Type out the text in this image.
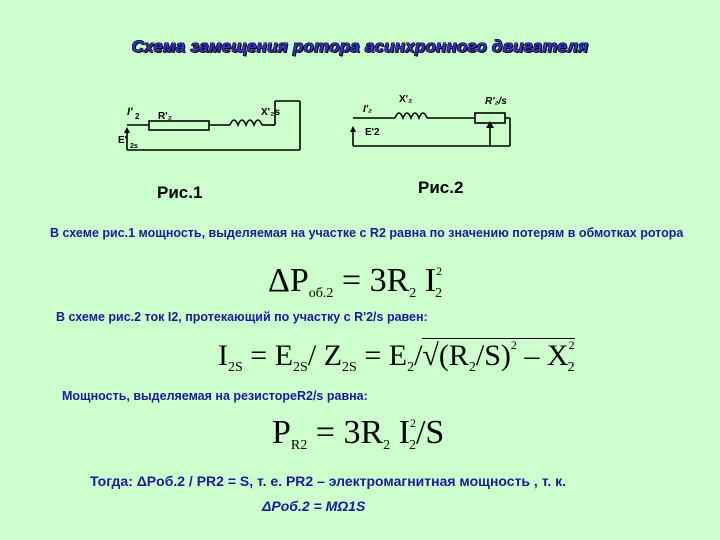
Схема замещения ротора асинхронного двигателя
I' 2 R'₂	X'₂s
E'
2s
I'₂
X'₂	R'₂/s
E'2
Рис.1	Рис.2
В схеме рис.1 мощность, выделяемая на участке с R2 равна по значению потерям в обмотках ротора
$\Delta P_{об.2} = 3R_2$ $I^2_2$
В схеме рис.2 ток I2, протекающий по участку с R'2/s равен:
$I_{2S} = E_{2S}/$ $Z_{2S} = E_2/√(R_2/S)^2 - X^2_2$
Мощность, выделяемая на резистореR2/s равна:
$P_{R2} = 3R_2$ $I^2_2/S$
Тогда: ΔPоб.2 / PR2 = S, т. е. PR2 – электромагнитная мощность , т. к.
ΔPоб.2 = MΩ1S
